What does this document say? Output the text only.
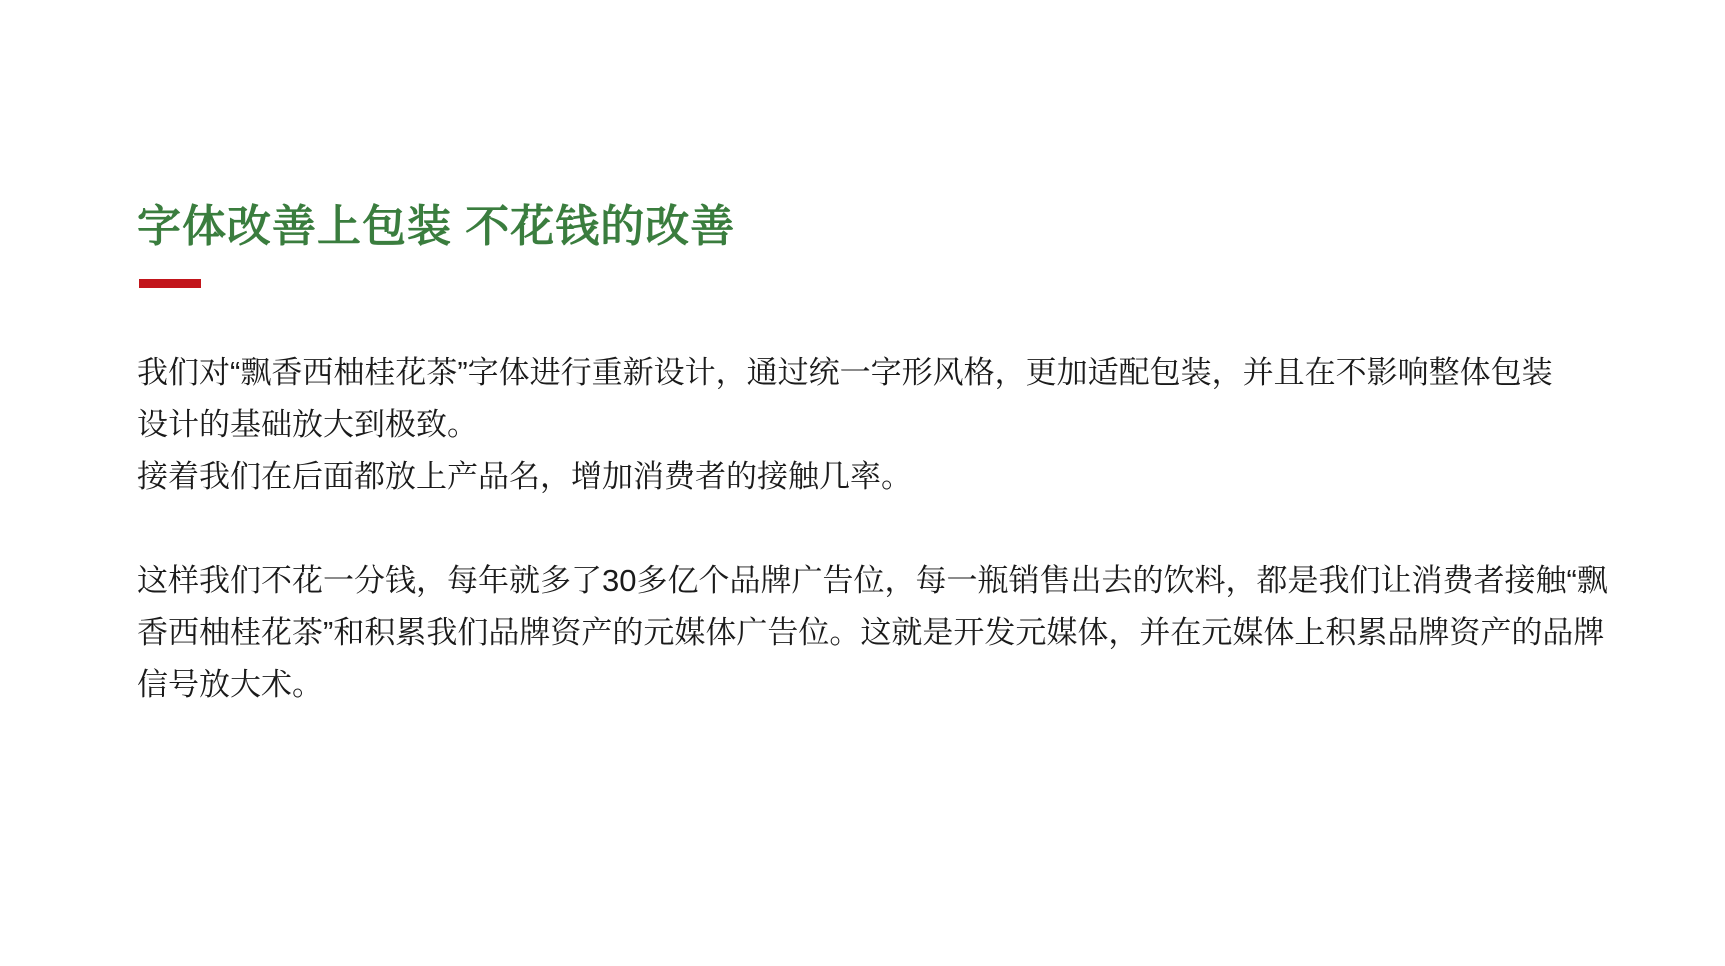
字体改善上包装 不花钱的改善

我们对“飘香西柚桂花茶”字体进行重新设计，通过统一字形风格，更加适配包装，并且在不影响整体包装
设计的基础放大到极致。
接着我们在后面都放上产品名，增加消费者的接触几率。

这样我们不花一分钱，每年就多了30多亿个品牌广告位，每一瓶销售出去的饮料，都是我们让消费者接触“飘
香西柚桂花茶”和积累我们品牌资产的元媒体广告位。这就是开发元媒体，并在元媒体上积累品牌资产的品牌
信号放大术。
